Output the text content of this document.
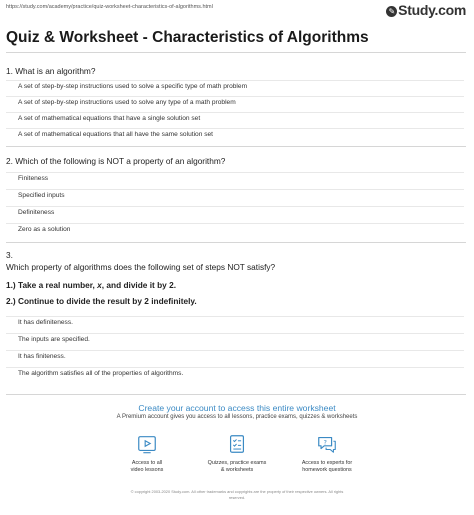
https://study.com/academy/practice/quiz-worksheet-characteristics-of-algorithms.html	✎ Study.com
Quiz & Worksheet - Characteristics of Algorithms

1. What is an algorithm?

A set of step-by-step instructions used to solve a specific type of math problem
A set of step-by-step instructions used to solve any type of a math problem
A set of mathematical equations that have a single solution set
A set of mathematical equations that all have the same solution set

2. Which of the following is NOT a property of an algorithm?

Finiteness
Specified inputs
Definiteness
Zero as a solution

3.

Which property of algorithms does the following set of steps NOT satisfy?

1.) Take a real number, x, and divide it by 2.

2.) Continue to divide the result by 2 indefinitely.

It has definiteness.
The inputs are specified.
It has finiteness.
The algorithm satisfies all of the properties of algorithms.
Create your account to access this entire worksheet
A Premium account gives you access to all lessons, practice exams, quizzes & worksheets
Access to all
video lessons
Quizzes, practice exams
& worksheets
?
Access to experts for
homework questions
© copyright 2003-2020 Study.com. All other trademarks and copyrights are the property of their respective owners. All rights
reserved.
